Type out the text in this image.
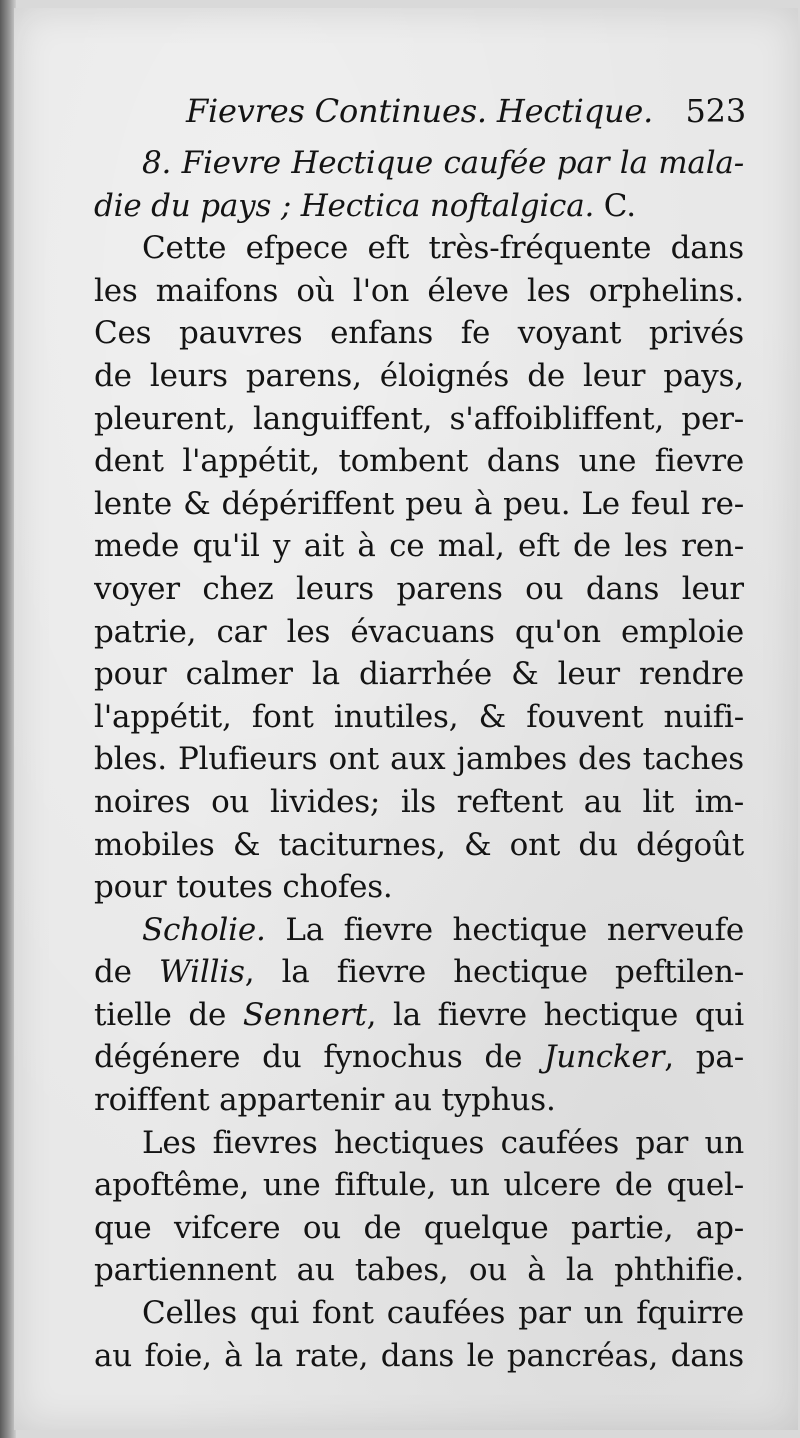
Fievres Continues. Hectique. 523
8. Fievre Hectique caufée par la mala-
die du pays ; Hectica noftalgica. C.
Cette efpece eft très-fréquente dans
les maifons où l'on éleve les orphelins.
Ces pauvres enfans fe voyant privés
de leurs parens, éloignés de leur pays,
pleurent, languiffent, s'affoibliffent, per-
dent l'appétit, tombent dans une fievre
lente & dépériffent peu à peu. Le feul re-
mede qu'il y ait à ce mal, eft de les ren-
voyer chez leurs parens ou dans leur
patrie, car les évacuans qu'on emploie
pour calmer la diarrhée & leur rendre
l'appétit, font inutiles, & fouvent nuifi-
bles. Plufieurs ont aux jambes des taches
noires ou livides; ils reftent au lit im-
mobiles & taciturnes, & ont du dégoût
pour toutes chofes.
Scholie. La fievre hectique nerveufe
de Willis, la fievre hectique peftilen-
tielle de Sennert, la fievre hectique qui
dégénere du fynochus de Juncker, pa-
roiffent appartenir au typhus.
Les fievres hectiques caufées par un
apoftême, une fiftule, un ulcere de quel-
que vifcere ou de quelque partie, ap-
partiennent au tabes, ou à la phthifie.
Celles qui font caufées par un fquirre
au foie, à la rate, dans le pancréas, dans
